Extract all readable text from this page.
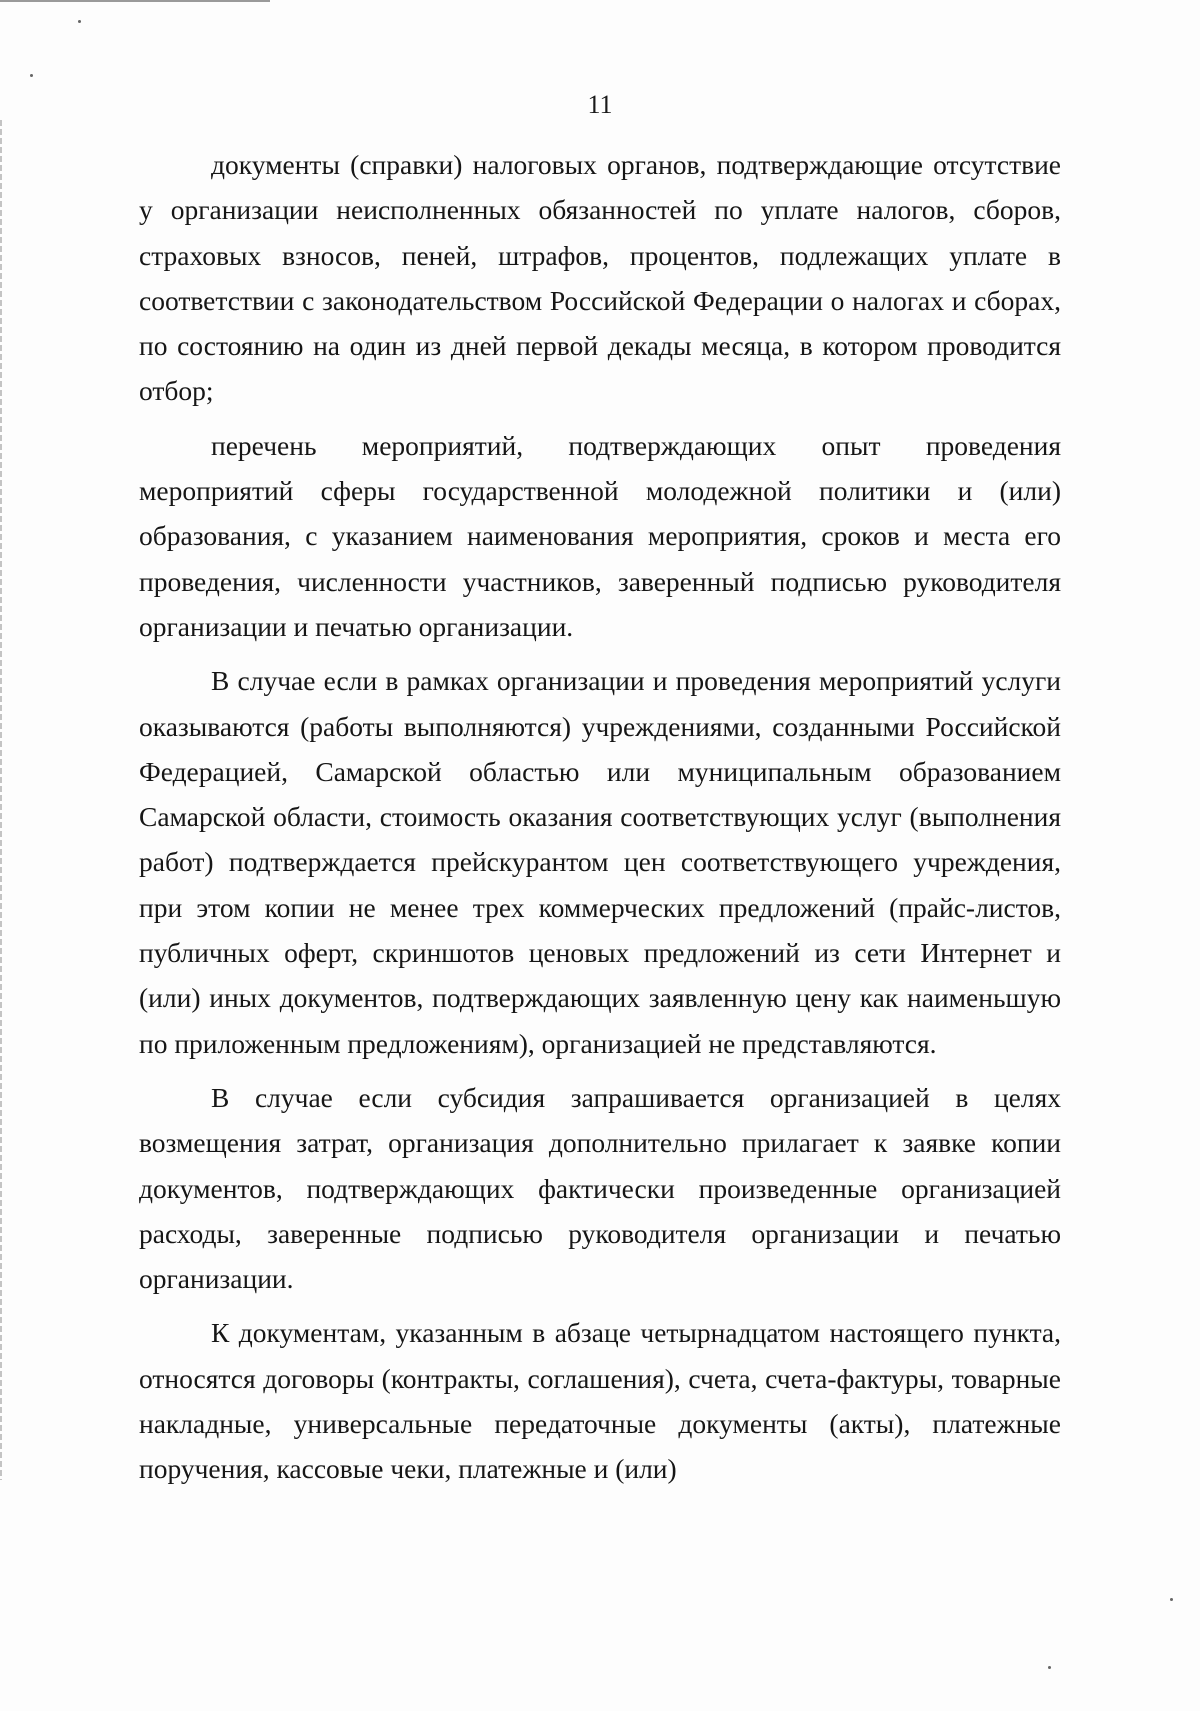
11

документы (справки) налоговых органов, подтверждающие отсутствие у организации неисполненных обязанностей по уплате налогов, сборов, страховых взносов, пеней, штрафов, процентов, подлежащих уплате в соответствии с законодательством Российской Федерации о налогах и сборах, по состоянию на один из дней первой декады месяца, в котором проводится отбор;

перечень мероприятий, подтверждающих опыт проведения мероприятий сферы государственной молодежной политики и (или) образования, с указанием наименования мероприятия, сроков и места его проведения, численности участников, заверенный подписью руководителя организации и печатью организации.

В случае если в рамках организации и проведения мероприятий услуги оказываются (работы выполняются) учреждениями, созданными Российской Федерацией, Самарской областью или муниципальным образованием Самарской области, стоимость оказания соответствующих услуг (выполнения работ) подтверждается прейскурантом цен соответствующего учреждения, при этом копии не менее трех коммерческих предложений (прайс-листов, публичных оферт, скриншотов ценовых предложений из сети Интернет и (или) иных документов, подтверждающих заявленную цену как наименьшую по приложенным предложениям), организацией не представляются.

В случае если субсидия запрашивается организацией в целях возмещения затрат, организация дополнительно прилагает к заявке копии документов, подтверждающих фактически произведенные организацией расходы, заверенные подписью руководителя организации и печатью организации.

К документам, указанным в абзаце четырнадцатом настоящего пункта, относятся договоры (контракты, соглашения), счета, счета-фактуры, товарные накладные, универсальные передаточные документы (акты), платежные поручения, кассовые чеки, платежные и (или)
